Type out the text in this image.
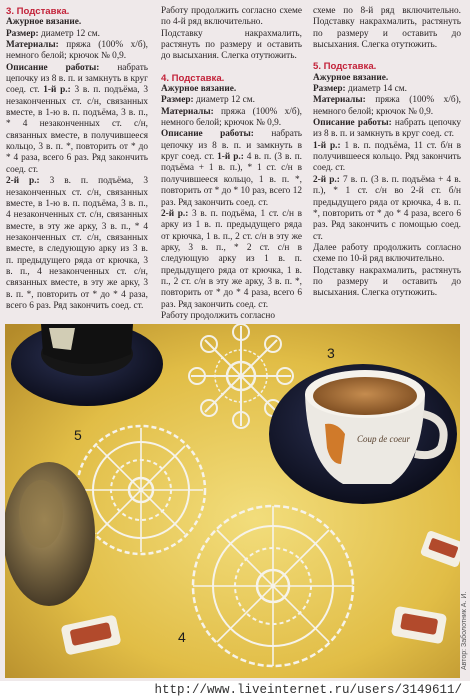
3. Подставка.

Ажурное вязание.

Размер: диаметр 12 см.

Материалы: пряжа (100% х/б), немного белой; крючок № 0,9.

Описание работы: набрать цепочку из 8 в. п. и замкнуть в круг соед. ст. 1-й р.: 3 в. п. подъёма, 3 незаконченных ст. с/н, связанных вместе, в 1-ю в. п. подъёма, 3 в. п., * 4 незаконченных ст. с/н, связанных вместе, в получившееся кольцо, 3 в. п. *, повторить от * до * 4 раза, всего 6 раз. Ряд закончить соед. ст.

2-й р.: 3 в. п. подъёма, 3 незаконченных ст. с/н, связанных вместе, в 1-ю в. п. подъёма, 3 в. п., 4 незаконченных ст. с/н, связанных вместе, в эту же арку, 3 в. п., * 4 незаконченных ст. с/н, связанных вместе, в следующую арку из 3 в. п. предыдущего ряда от крючка, 3 в. п., 4 незаконченных ст. с/н, связанных вместе, в эту же арку, 3 в. п. *, повторить от * до * 4 раза, всего 6 раз. Ряд закончить соед. ст.

Работу продолжить согласно схеме по 4-й ряд включительно.

Подставку накрахмалить, растянуть по размеру и оставить до высыхания. Слегка отутюжить.

4. Подставка.

Ажурное вязание.

Размер: диаметр 12 см.

Материалы: пряжа (100% х/б), немного белой; крючок № 0,9.

Описание работы: набрать цепочку из 8 в. п. и замкнуть в круг соед. ст. 1-й р.: 4 в. п. (3 в. п. подъёма + 1 в. п.), * 1 ст. с/н в получившееся кольцо, 1 в. п. *, повторить от * до * 10 раз, всего 12 раз. Ряд закончить соед. ст.

2-й р.: 3 в. п. подъёма, 1 ст. с/н в арку из 1 в. п. предыдущего ряда от крючка, 1 в. п., 2 ст. с/н в эту же арку, 3 в. п., * 2 ст. с/н в следующую арку из 1 в. п. предыдущего ряда от крючка, 1 в. п., 2 ст. с/н в эту же арку, 3 в. п. *, повторить от * до * 4 раза, всего 6 раз. Ряд закончить соед. ст.

Работу продолжить согласно

схеме по 8-й ряд включительно. Подставку накрахмалить, растянуть по размеру и оставить до высыхания. Слегка отутюжить.

5. Подставка.

Ажурное вязание.

Размер: диаметр 14 см.

Материалы: пряжа (100% х/б), немного белой; крючок № 0,9.

Описание работы: набрать цепочку из 8 в. п. и замкнуть в круг соед. ст.

1-й р.: 1 в. п. подъёма, 11 ст. б/н в получившееся кольцо. Ряд закончить соед. ст.

2-й р.: 7 в. п. (3 в. п. подъёма + 4 в. п.), * 1 ст. с/н во 2-й ст. б/н предыдущего ряда от крючка, 4 в. п. *, повторить от * до * 4 раза, всего 6 раз. Ряд закончить с помощью соед. ст.

Далее работу продолжить согласно схеме по 10-й ряд включительно.

Подставку накрахмалить, растянуть по размеру и оставить до высыхания. Слегка отутюжить.

Coup de coeur
3
5
4	Автор: Заболотник А. И.
http://www.liveinternet.ru/users/3149611/
